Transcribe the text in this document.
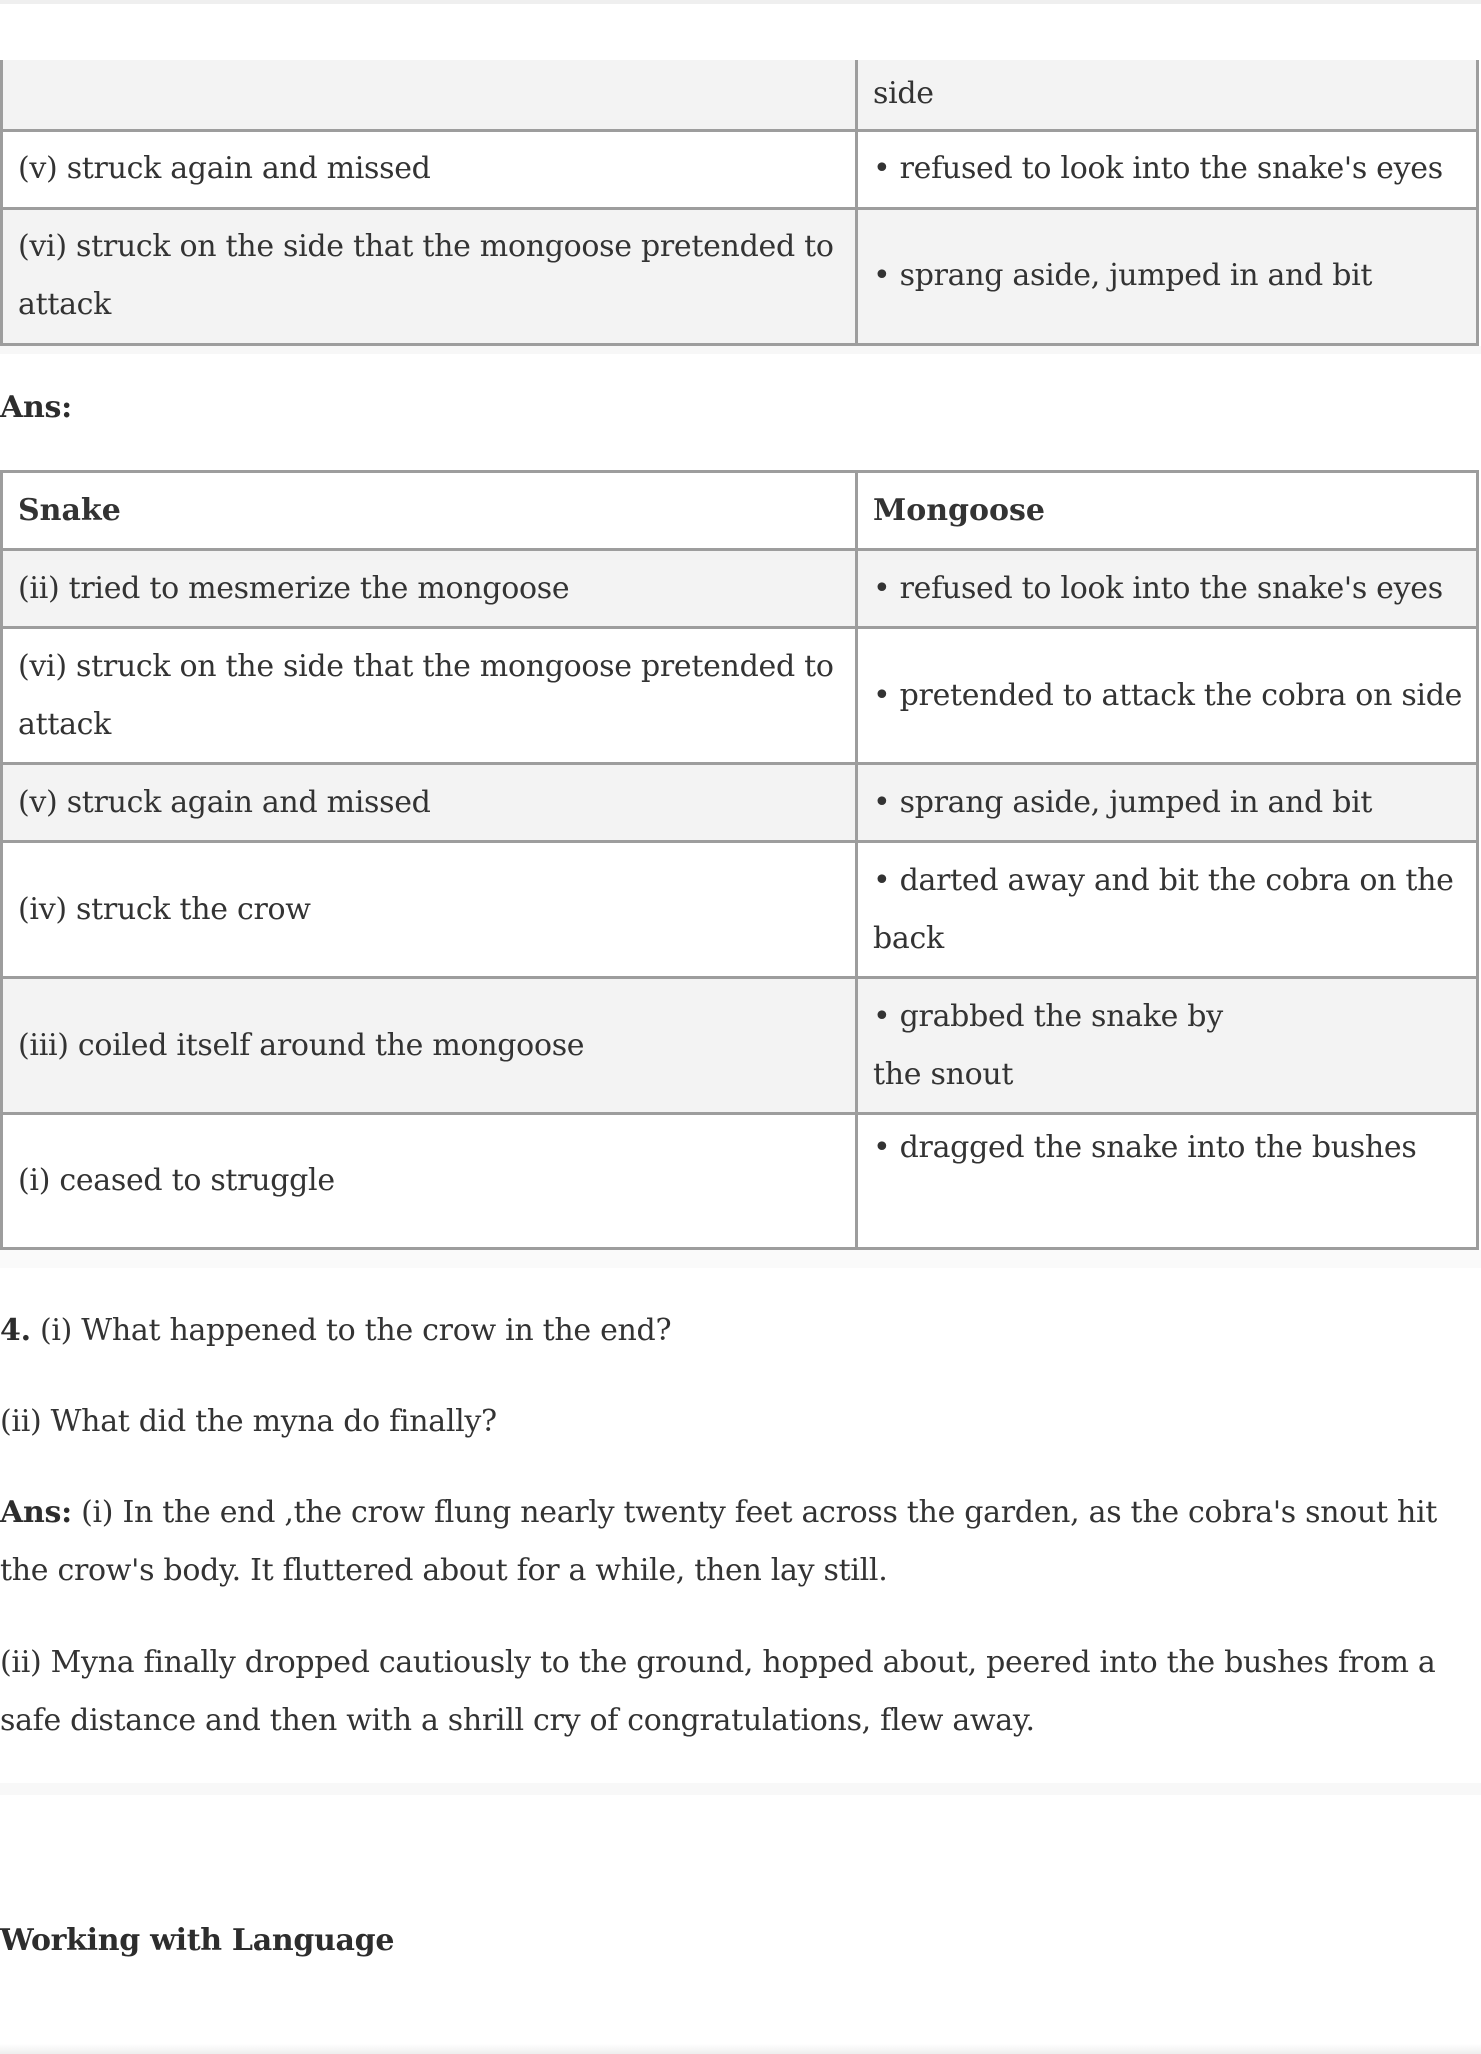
	side
(v) struck again and missed	• refused to look into the snake's eyes
(vi) struck on the side that the mongoose pretended to attack	• sprang aside, jumped in and bit
Ans:
Snake	Mongoose
(ii) tried to mesmerize the mongoose	• refused to look into the snake's eyes
(vi) struck on the side that the mongoose pretended to attack	• pretended to attack the cobra on side
(v) struck again and missed	• sprang aside, jumped in and bit
(iv) struck the crow	• darted away and bit the cobra on the back
(iii) coiled itself around the mongoose	• grabbed the snake by
the snout

(i) ceased to struggle	• dragged the snake into the bushes
4. (i) What happened to the crow in the end?
(ii) What did the myna do finally?
Ans: (i) In the end ,the crow flung nearly twenty feet across the garden, as the cobra's snout hit the crow's body. It fluttered about for a while, then lay still.
(ii) Myna finally dropped cautiously to the ground, hopped about, peered into the bushes from a safe distance and then with a shrill cry of congratulations, flew away.
Working with Language
